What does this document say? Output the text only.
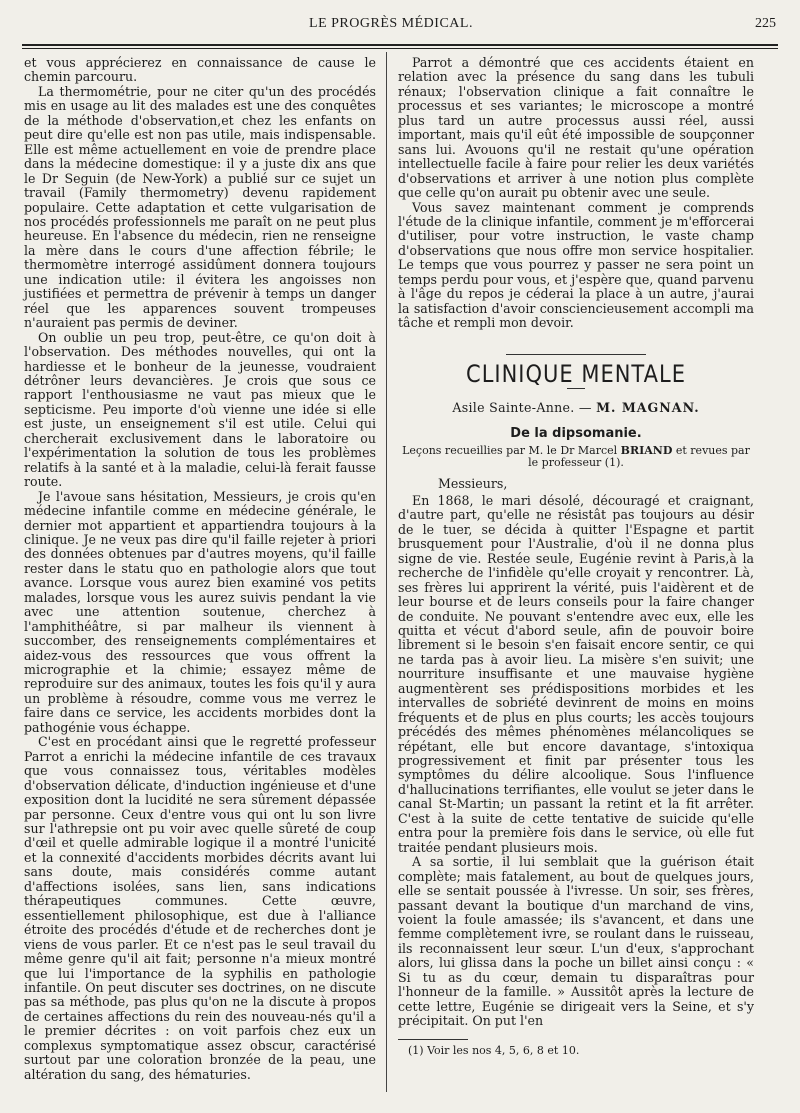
LE PROGRÈS MÉDICAL.	225

et vous apprécierez en connaissance de cause le chemin parcouru.

La thermométrie, pour ne citer qu'un des procédés mis en usage au lit des malades est une des conquêtes de la méthode d'observation,et chez les enfants on peut dire qu'elle est non pas utile, mais indispensable. Elle est même actuellement en voie de prendre place dans la médecine domestique: il y a juste dix ans que le Dr Seguin (de New-York) a publié sur ce sujet un travail (Family thermometry) devenu rapidement populaire. Cette adaptation et cette vulgarisation de nos procédés professionnels me paraît on ne peut plus heureuse. En l'absence du médecin, rien ne renseigne la mère dans le cours d'une affection fébrile; le thermomètre interrogé assidûment donnera toujours une indication utile: il évitera les angoisses non justifiées et permettra de prévenir à temps un danger réel que les apparences souvent trompeuses n'auraient pas permis de deviner.

On oublie un peu trop, peut-être, ce qu'on doit à l'observation. Des méthodes nouvelles, qui ont la hardiesse et le bonheur de la jeunesse, voudraient détrôner leurs devancières. Je crois que sous ce rapport l'enthousiasme ne vaut pas mieux que le septicisme. Peu importe d'où vienne une idée si elle est juste, un enseignement s'il est utile. Celui qui chercherait exclusivement dans le laboratoire ou l'expérimentation la solution de tous les problèmes relatifs à la santé et à la maladie, celui-là ferait fausse route.

Je l'avoue sans hésitation, Messieurs, je crois qu'en médecine infantile comme en médecine générale, le dernier mot appartient et appartiendra toujours à la clinique. Je ne veux pas dire qu'il faille rejeter à priori des données obtenues par d'autres moyens, qu'il faille rester dans le statu quo en pathologie alors que tout avance. Lorsque vous aurez bien examiné vos petits malades, lorsque vous les aurez suivis pendant la vie avec une attention soutenue, cherchez à l'amphithéâtre, si par malheur ils viennent à succomber, des renseignements complémentaires et aidez-vous des ressources que vous offrent la micrographie et la chimie; essayez même de reproduire sur des animaux, toutes les fois qu'il y aura un problème à résoudre, comme vous me verrez le faire dans ce service, les accidents morbides dont la pathogénie vous échappe.

C'est en procédant ainsi que le regretté professeur Parrot a enrichi la médecine infantile de ces travaux que vous connaissez tous, véritables modèles d'observation délicate, d'induction ingénieuse et d'une exposition dont la lucidité ne sera sûrement dépassée par personne. Ceux d'entre vous qui ont lu son livre sur l'athrepsie ont pu voir avec quelle sûreté de coup d'œil et quelle admirable logique il a montré l'unicité et la connexité d'accidents morbides décrits avant lui sans doute, mais considérés comme autant d'affections isolées, sans lien, sans indications thérapeutiques communes. Cette œuvre, essentiellement philosophique, est due à l'alliance étroite des procédés d'étude et de recherches dont je viens de vous parler. Et ce n'est pas le seul travail du même genre qu'il ait fait; personne n'a mieux montré que lui l'importance de la syphilis en pathologie infantile. On peut discuter ses doctrines, on ne discute pas sa méthode, pas plus qu'on ne la discute à propos de certaines affections du rein des nouveau-nés qu'il a le premier décrites : on voit parfois chez eux un complexus symptomatique assez obscur, caractérisé surtout par une coloration bronzée de la peau, une altération du sang, des hématuries.

Parrot a démontré que ces accidents étaient en relation avec la présence du sang dans les tubuli rénaux; l'observation clinique a fait connaître le processus et ses variantes; le microscope a montré plus tard un autre processus aussi réel, aussi important, mais qu'il eût été impossible de soupçonner sans lui. Avouons qu'il ne restait qu'une opération intellectuelle facile à faire pour relier les deux variétés d'observations et arriver à une notion plus complète que celle qu'on aurait pu obtenir avec une seule.

Vous savez maintenant comment je comprends l'étude de la clinique infantile, comment je m'efforcerai d'utiliser, pour votre instruction, le vaste champ d'observations que nous offre mon service hospitalier. Le temps que vous pourrez y passer ne sera point un temps perdu pour vous, et j'espère que, quand parvenu à l'âge du repos je céderai la place à un autre, j'aurai la satisfaction d'avoir consciencieusement accompli ma tâche et rempli mon devoir.

CLINIQUE MENTALE
Asile Sainte-Anne. — M. MAGNAN.
De la dipsomanie.
Leçons recueillies par M. le Dr Marcel BRIAND et revues par le professeur (1).

Messieurs,

En 1868, le mari désolé, découragé et craignant, d'autre part, qu'elle ne résistât pas toujours au désir de le tuer, se décida à quitter l'Espagne et partit brusquement pour l'Australie, d'où il ne donna plus signe de vie. Restée seule, Eugénie revint à Paris,à la recherche de l'infidèle qu'elle croyait y rencontrer. Là, ses frères lui apprirent la vérité, puis l'aidèrent et de leur bourse et de leurs conseils pour la faire changer de conduite. Ne pouvant s'entendre avec eux, elle les quitta et vécut d'abord seule, afin de pouvoir boire librement si le besoin s'en faisait encore sentir, ce qui ne tarda pas à avoir lieu. La misère s'en suivit; une nourriture insuffisante et une mauvaise hygiène augmentèrent ses prédispositions morbides et les intervalles de sobriété devinrent de moins en moins fréquents et de plus en plus courts; les accès toujours précédés des mêmes phénomènes mélancoliques se répétant, elle but encore davantage, s'intoxiqua progressivement et finit par présenter tous les symptômes du délire alcoolique. Sous l'influence d'hallucinations terrifiantes, elle voulut se jeter dans le canal St-Martin; un passant la retint et la fit arrêter. C'est à la suite de cette tentative de suicide qu'elle entra pour la première fois dans le service, où elle fut traitée pendant plusieurs mois.

A sa sortie, il lui semblait que la guérison était complète; mais fatalement, au bout de quelques jours, elle se sentait poussée à l'ivresse. Un soir, ses frères, passant devant la boutique d'un marchand de vins, voient la foule amassée; ils s'avancent, et dans une femme complètement ivre, se roulant dans le ruisseau, ils reconnaissent leur sœur. L'un d'eux, s'approchant alors, lui glissa dans la poche un billet ainsi conçu : « Si tu as du cœur, demain tu disparaîtras pour l'honneur de la famille. » Aussitôt après la lecture de cette lettre, Eugénie se dirigeait vers la Seine, et s'y précipitait. On put l'en

(1) Voir les nos 4, 5, 6, 8 et 10.
